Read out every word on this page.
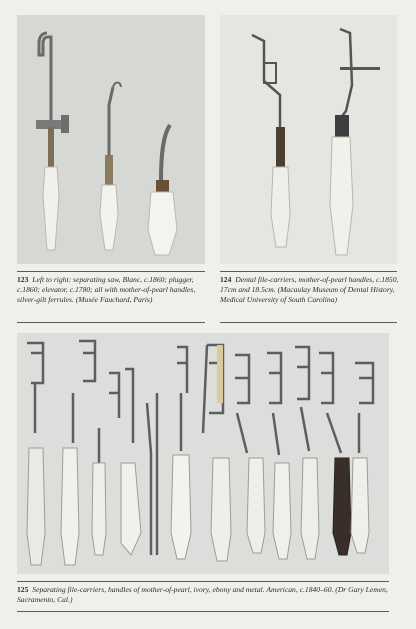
123 Left to right: separating saw, Blanc, c.1860; plugger, c.1860; elevator, c.1780; all with mother-of-pearl handles, silver-gilt ferrules. (Musée Fauchard, Paris)
124 Dental file-carriers, mother-of-pearl handles, c.1850, 17cm and 18.5cm. (Macaulay Museum of Dental History, Medical University of South Carolina)
125 Separating file-carriers, handles of mother-of-pearl, ivory, ebony and metal. American, c.1840–60. (Dr Gary Lemen, Sacramento, Cal.)
